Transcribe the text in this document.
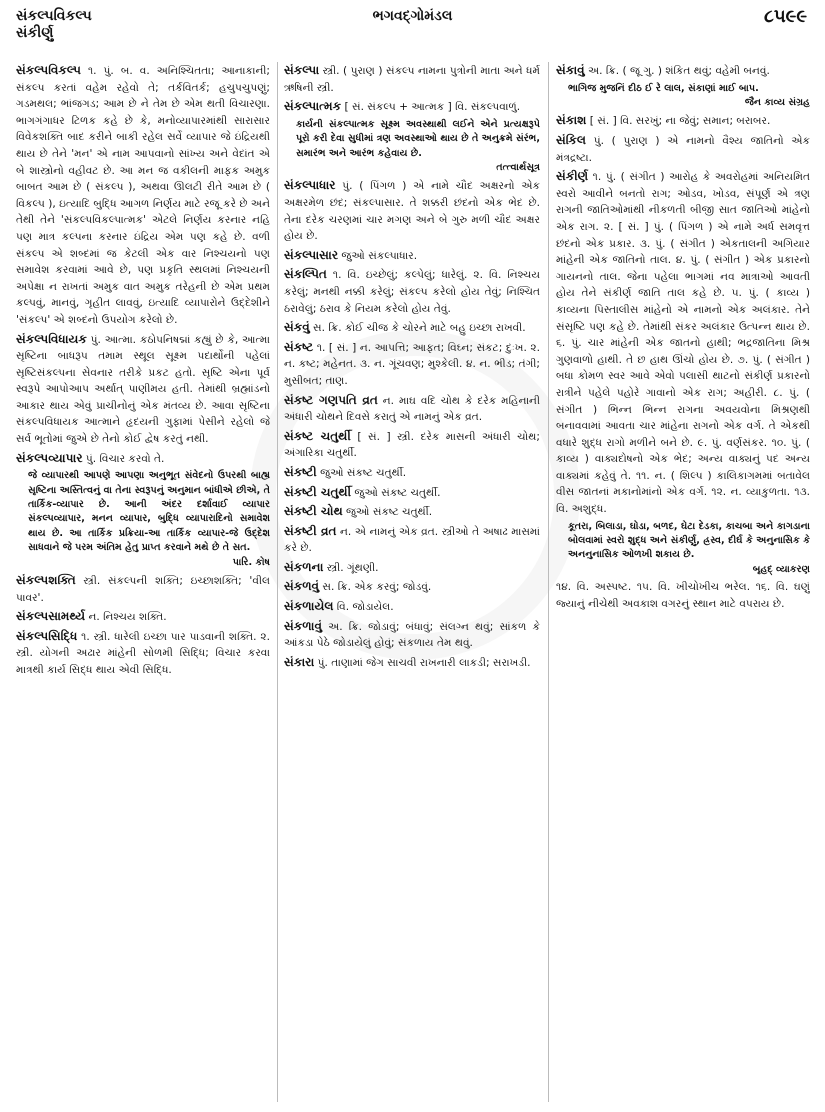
સંકલ્પવિકલ્પ
સંકીર્ણુ
ભગવદ્ગોમંડલ	૮૫૯૯
સંકલ્પવિકલ્પ ૧. પું. બ. વ. અનિશ્ચિતતા; આનાકાની; સંકલ્પ કરતાં વહેમ રહેવો તે; તર્કવિતર્ક; હચુપચુપણું; ગડમથલ; ભાંજગડ; આમ છે ને તેમ છે એમ થતી વિચારણા. ભાગગંગાધર ટિળક કહે છે કે, મનોવ્યાપારમાંથી સારાસાર વિવેકશક્તિ બાદ કરીને બાકી રહેલ સર્વે વ્યાપાર જે ઇંદ્રિયથી થાય છે તેને 'મન' એ નામ આપવાનો સાંખ્ય અને વેદાંત એ બે શાસ્ત્રોનો વહીવટ છે. આ મન જ વકીલની માફક અમુક બાબત આમ છે ( સંકલ્પ ), અથવા ઊલટી રીતે આમ છે ( વિકલ્પ ), ઇત્યાદિ બુદ્ધિ આગળ નિર્ણય માટે રજૂ કરે છે અને તેથી તેને 'સંકલ્પવિકલ્પાત્મક' એટલે નિર્ણય કરનાર નહિ પણ માત્ર કલ્પના કરનાર ઇંદ્રિય એમ પણ કહે છે. વળી સંકલ્પ એ શબ્દમાં જ કેટલી એક વાર નિશ્ચયનો પણ સમાવેશ કરવામાં આવે છે, પણ પ્રકૃતિ સ્થલમાં નિશ્ચયની અપેક્ષા ન રાખતાં અમુક વાત અમુક તરેહની છે એમ પ્રથમ કલ્પવું, માનવું, ગૃહીત લાવવું, ઇત્યાદિ વ્યાપારોને ઉદ્દેશીને 'સંકલ્પ' એ શબ્દનો ઉપયોગ કરેલો છે.
સંકલ્પવિધાયક પું. આત્મા. કઠોપનિષદ્માં કહ્યું છે કે, આત્મા સૃષ્ટિના બાધરૂપ તમામ સ્થૂલ સૂક્ષ્મ પદાર્થોની પહેલાં સૃષ્ટિસંકલ્પના સેવનાર તરીકે પ્રકટ હતો. સૃષ્ટિ એના પૂર્વ સ્વરૂપે આપોઆપ અર્થાત્ પાણીમય હતી. તેમાંથી બ્રહ્માંડનો આકાર થાય એવું પ્રાચીનોનું એક મંતવ્ય છે. આવા સૃષ્ટિના સંકલ્પવિધાયક આત્માને હૃદયની ગુફામાં પેસીને રહેલો જે સર્વ ભૂતોમાં જુએ છે તેનો કોઈ દ્વેષ કરતું નથી.
સંકલ્પવ્યાપાર પું. વિચાર કરવો તે.
જે વ્યાપારથી આપણે આપણા અનુભૂત સંવેદનો ઉપરથી બાહ્ય સૃષ્ટિના અસ્તિત્વનું વા તેના સ્વરૂપનું અનુમાન બાંધીએ છીએ, તે તાર્કિક-વ્યાપાર છે. આની અંદર દર્શાવાઈ વ્યાપાર સંકલ્પવ્યાપાર, મનન વ્યાપાર, બુદ્ધિ વ્યાપારાદિનો સમાવેશ થાય છે. આ તાર્કિક પ્રક્રિયા-આ તાર્કિક વ્યાપાર-જે ઉદ્દેશ સાધવાને જે પરમ અંતિમ હેતુ પ્રાપ્ત કરવાને મથે છે તે સત.
પારિ. કોષ
સંકલ્પશક્તિ સ્ત્રી. સંકલ્પની શક્તિ; ઇચ્છાશક્તિ; 'વીલ પાવર'.
સંકલ્પસામર્થ્ય ન. નિશ્ચય શક્તિ.
સંકલ્પસિદ્ધિ ૧. સ્ત્રી. ધારેલી ઇચ્છા પાર પાડવાની શક્તિ. ૨. સ્ત્રી. યોગની અઢાર માંહેની સોળમી સિદ્ધિ; વિચાર કરવા માત્રથી કાર્ય સિદ્ધ થાય એવી સિદ્ધિ.
સંકલ્પા સ્ત્રી. ( પુરાણ ) સંકલ્પ નામના પુત્રોની માતા અને ધર્મ ઋષિની સ્ત્રી.
સંકલ્પાત્મક [ સં. સંકલ્પ + આત્મક ] વિ. સંકલ્પવાળું.
કાર્યની સંકલ્પાત્મક સૂક્ષ્મ અવસ્થાથી લઈને એને પ્રત્યક્ષરૂપે પૂરો કરી દેવા સુધીમાં ત્રણ અવસ્થાઓ થાય છે તે અનુક્રમે સંરંભ, સમારંભ અને આરંભ કહેવાય છે.
તત્ત્વાર્થસૂત્ર
સંકલ્પાધાર પું. ( પિંગળ ) એ નામે ચૌદ અક્ષરનો એક અક્ષરમેળ છંદ; સંકલ્પાસાર. તે શક્કરી છંદનો એક ભેદ છે. તેના દરેક ચરણમાં ચાર મગણ અને બે ગુરુ મળી ચૌદ અક્ષર હોય છે.
સંકલ્પાસાર જુઓ સંકલ્પાધાર.
સંકલ્પિત ૧. વિ. ઇચ્છેલું; કલ્પેલું; ધારેલું. ૨. વિ. નિશ્ચય કરેલું; મનથી નક્કી કરેલું; સંકલ્પ કરેલો હોય તેવું; નિશ્ચિત ઠરાવેલું; ઠરાવ કે નિયમ કરેલો હોય તેવું.
સંકવું સ. ક્રિ. કોઈ ચીજ કે ચોરને માટે બહુ ઇચ્છા રાખવી.
સંકષ્ટ ૧. [ સં. ] ન. આપત્તિ; આફત; વિઘ્ન; સંકટ; દુઃખ. ૨. ન. કષ્ટ; મહેનત. ૩. ન. ગૂંચવણ; મુશ્કેલી. ૪. ન. ભીડ; તંગી; મુસીબત; તાણ.
સંકષ્ટ ગણપતિ વ્રત ન. માઘ વદિ ચોથ કે દરેક મહિનાની અંધારી ચોથને દિવસે કરાતું એ નામનું એક વ્રત.
સંકષ્ટ ચતુર્થી [ સં. ] સ્ત્રી. દરેક માસની અંધારી ચોથ; અંગારિકા ચતુર્થી.
સંકષ્ટી જુઓ સંકષ્ટ ચતુર્થી.
સંકષ્ટી ચતુર્થી જુઓ સંકષ્ટ ચતુર્થી.
સંકષ્ટી ચોથ જુઓ સંકષ્ટ ચતુર્થી.
સંકષ્ટી વ્રત ન. એ નામનું એક વ્રત. સ્ત્રીઓ તે અષાઢ માસમાં કરે છે.
સંકળના સ્ત્રી. ગૂંથણી.
સંકળવું સ. ક્રિ. એક કરવું; જોડવું.
સંકળાયેલ વિ. જોડાયેલ.
સંકળાવું અ. ક્રિ. જોડાવું; બંધાવું; સંલગ્ન થવું; સાંકળ કે આંકડા પેઠે જોડાયેલું હોવું; સંકળાય તેમ થવું.
સંકારા પું. તાણામાં જેગ સાચવી રાખનારી લાકડી; સરાખડી.
સંકાવું અ. ક્રિ. ( જૂ ગુ. ) શંકિત થવું; વહેમી બનવું.
ભાગિજ મુજનિં દીઠ ઈ રે લાલ, સંકાણાં માઈ બાપ.
જૈન કાવ્ય સંગ્રહ
સંકાશ [ સં. ] વિ. સરખું; ના જેવું; સમાન; બરાબર.
સંકિલ પું. ( પુરાણ ) એ નામનો વૈશ્ય જાતિનો એક મંત્રદ્રષ્ટા.
સંકીર્ણ ૧. પું. ( સંગીત ) આરોહ કે અવરોહમાં અનિયમિત સ્વરો આવીને બનતો રાગ; ઓડવ, ખોડવ, સંપૂર્ણ એ ત્રણ રાગની જાતિઓમાંથી નીકળતી બીજી સાત જાતિઓ માંહેનો એક રાગ. ૨. [ સં. ] પું. ( પિંગળ ) એ નામે અર્ધ સમવૃત્ત છંદનો એક પ્રકાર. ૩. પું. ( સંગીત ) એકતાલની અગિયાર માંહેની એક જાતિનો તાલ. ૪. પું. ( સંગીત ) એક પ્રકારનો ગાયનનો તાલ. જેના પહેલા ભાગમાં નવ માત્રાઓ આવતી હોય તેને સંકીર્ણ જાતિ તાલ કહે છે. ૫. પું. ( કાવ્ય ) કાવ્યના પિસ્તાલીસ માંહેનો એ નામનો એક અલંકાર. તેને સંસૃષ્ટિ પણ કહે છે. તેમાંથી સંકર અલંકાર ઉત્પન્ન થાય છે. ૬. પું. ચાર માંહેની એક જાતનો હાથી; ભદ્રજાતિના મિશ્ર ગુણવાળો હાથી. તે છ હાથ ઊંચો હોય છે. ૭. પું. ( સંગીત ) બધા કોમળ સ્વર આવે એવો પલાસી થાટનો સંકીર્ણ પ્રકારનો રાત્રીને પહેલે પહોરે ગાવાનો એક રાગ; અહીરી. ૮. પું. ( સંગીત ) ભિન્ન ભિન્ન રાગના અવયવોના મિશ્રણથી બનાવવામાં આવતા ચાર માંહેના રાગનો એક વર્ગ. તે એકથી વધારે શુદ્ધ રાગો મળીને બને છે. ૯. પું. વર્ણસંકર. ૧૦. પું. ( કાવ્ય ) વાક્યદોષનો એક ભેદ; અન્ય વાક્યનું પદ અન્ય વાક્યમાં કહેવું તે. ૧૧. ન. ( શિલ્પ ) કાલિકાગમમાં બતાવેલ વીસ જાતનાં મકાનોમાંનો એક વર્ગ. ૧૨. ન. વ્યાકુળતા. ૧૩. વિ. અશુદ્ધ.
કૂતરા, બિલાડા, ઘોડા, બળદ, ઘેટા દેડકા, કાચબા અને કાગડાના બોલવામાં સ્વરો શુદ્ધ અને સંકીર્ણુ, હ્રસ્વ, દીર્ઘ કે અનુનાસિક કે અનનુનાસિક ઓળખી શકાય છે.
બૃહદ્ વ્યાકરણ
૧૪. વિ. અસ્પષ્ટ. ૧૫. વિ. ખીચોખીચ ભરેલ. ૧૬. વિ. ઘણું જ્યાનું નીચેથી અવકાશ વગરનું સ્થાન માટે વપરાય છે.
